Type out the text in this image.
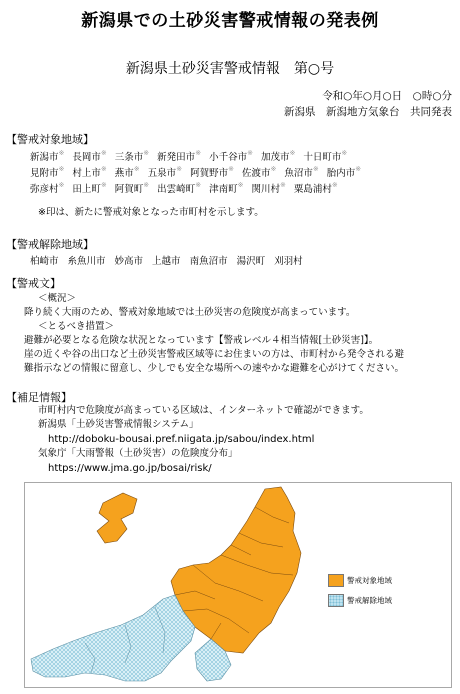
新潟県での土砂災害警戒情報の発表例
新潟県土砂災害警戒情報　第○号
令和○年○月○日　○時○分
新潟県　新潟地方気象台　共同発表
【警戒対象地域】
新潟市※ 長岡市※ 三条市※ 新発田市※ 小千谷市※ 加茂市※ 十日町市※
見附市※ 村上市※ 燕市※ 五泉市※ 阿賀野市※ 佐渡市※ 魚沼市※ 胎内市※
弥彦村※ 田上町※ 阿賀町※ 出雲崎町※ 津南町※ 関川村※ 粟島浦村※
※印は、新たに警戒対象となった市町村を示します。
【警戒解除地域】
柏崎市 糸魚川市 妙高市 上越市 南魚沼市 湯沢町 刈羽村
【警戒文】
＜概況＞
降り続く大雨のため、警戒対象地域では土砂災害の危険度が高まっています。
＜とるべき措置＞
避難が必要となる危険な状況となっています【警戒レベル４相当情報[土砂災害]】。
崖の近くや谷の出口など土砂災害警戒区域等にお住まいの方は、市町村から発令される避
難指示などの情報に留意し、少しでも安全な場所への速やかな避難を心がけてください。
【補足情報】
市町村内で危険度が高まっている区域は、インターネットで確認ができます。
新潟県「土砂災害警戒情報システム」
http://doboku-bousai.pref.niigata.jp/sabou/index.html
気象庁「大雨警報（土砂災害）の危険度分布」
https://www.jma.go.jp/bosai/risk/
警戒対象地域
警戒解除地域
